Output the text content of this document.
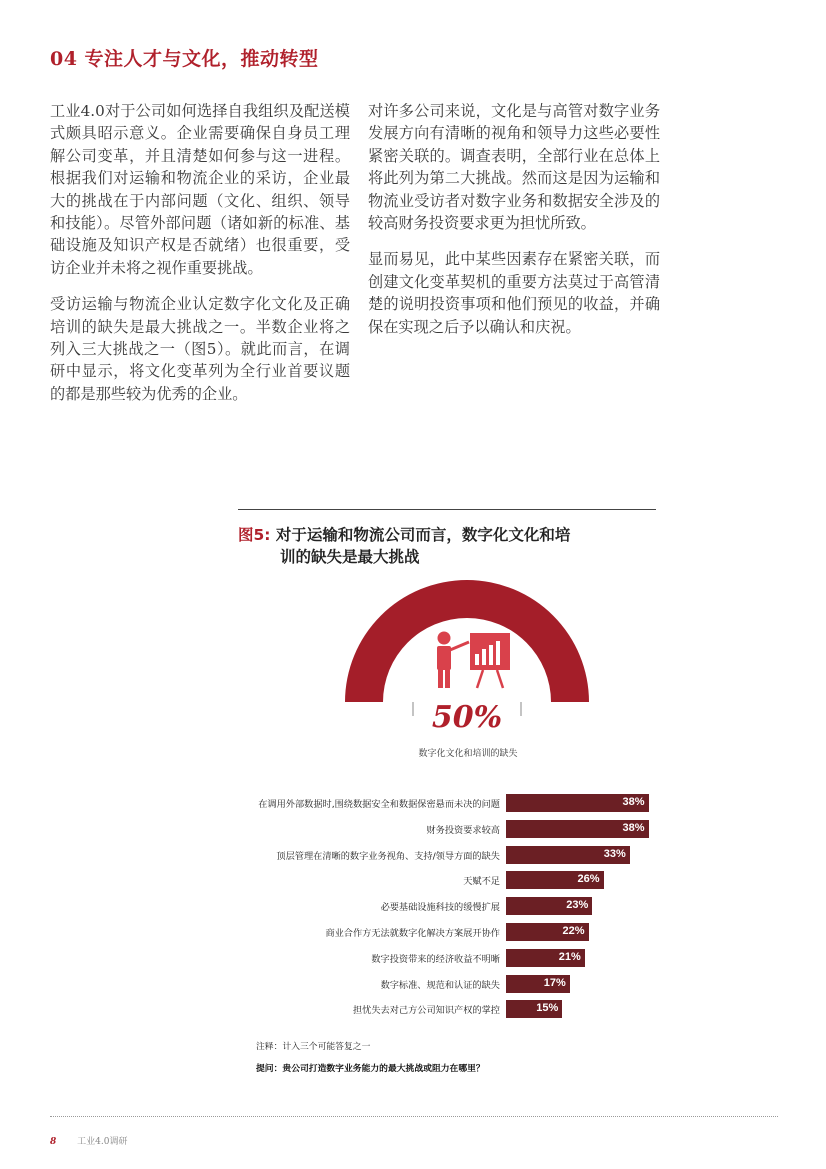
04 专注人才与文化，推动转型

工业4.0对于公司如何选择自我组织及配送模式颇具昭示意义。企业需要确保自身员工理解公司变革，并且清楚如何参与这一进程。根据我们对运输和物流企业的采访，企业最大的挑战在于内部问题（文化、组织、领导和技能）。尽管外部问题（诸如新的标准、基础设施及知识产权是否就绪）也很重要，受访企业并未将之视作重要挑战。

受访运输与物流企业认定数字化文化及正确培训的缺失是最大挑战之一。半数企业将之列入三大挑战之一（图5）。就此而言，在调研中显示，将文化变革列为全行业首要议题的都是那些较为优秀的企业。

对许多公司来说，文化是与高管对数字业务发展方向有清晰的视角和领导力这些必要性紧密关联的。调查表明，全部行业在总体上将此列为第二大挑战。然而这是因为运输和物流业受访者对数字业务和数据安全涉及的较高财务投资要求更为担忧所致。

显而易见，此中某些因素存在紧密关联，而创建文化变革契机的重要方法莫过于高管清楚的说明投资事项和他们预见的收益，并确保在实现之后予以确认和庆祝。

图5: 对于运输和物流公司而言，数字化文化和培
训的缺失是最大挑战
50%
数字化文化和培训的缺失
在调用外部数据时,围绕数据安全和数据保密悬而未决的问题	38%
财务投资要求较高	38%
顶层管理在清晰的数字业务视角、支持/领导方面的缺失	33%
天赋不足	26%
必要基础设施科技的缓慢扩展	23%
商业合作方无法就数字化解决方案展开协作	22%
数字投资带来的经济收益不明晰	21%
数字标准、规范和认证的缺失	17%
担忧失去对己方公司知识产权的掌控	15%
注释：计入三个可能答复之一
提问：贵公司打造数字业务能力的最大挑战或阻力在哪里？
8 工业4.0调研
